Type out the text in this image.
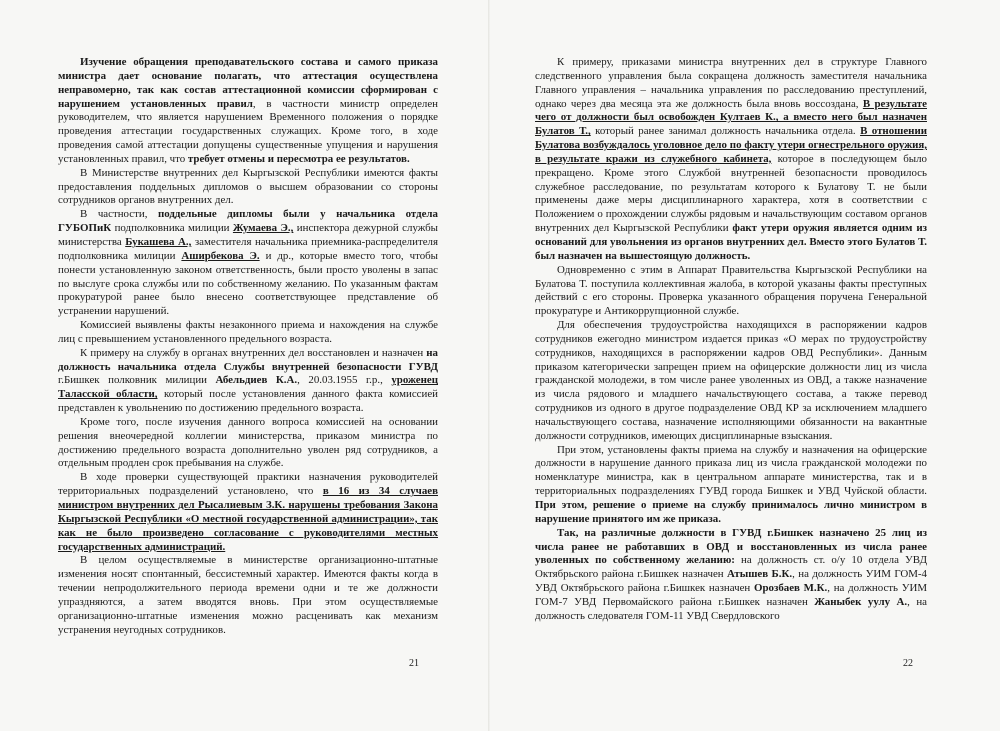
Изучение обращения преподавательского состава и самого приказа министра дает основание полагать, что аттестация осуществлена неправомерно, так как состав аттестационной комиссии сформирован с нарушением установленных правил, в частности министр определен руководителем, что является нарушением Временного положения о порядке проведения аттестации государственных служащих. Кроме того, в ходе проведения самой аттестации допущены существенные упущения и нарушения установленных правил, что требует отмены и пересмотра ее результатов.

В Министерстве внутренних дел Кыргызской Республики имеются факты предоставления поддельных дипломов о высшем образовании со стороны сотрудников органов внутренних дел.

В частности, поддельные дипломы были у начальника отдела ГУБОПиК подполковника милиции Жумаева Э., инспектора дежурной службы министерства Букашева А., заместителя начальника приемника-распределителя подполковника милиции Аширбекова Э. и др., которые вместо того, чтобы понести установленную законом ответственность, были просто уволены в запас по выслуге срока службы или по собственному желанию. По указанным фактам прокуратурой ранее было внесено соответствующее представление об устранении нарушений.

Комиссией выявлены факты незаконного приема и нахождения на службе лиц с превышением установленного предельного возраста.

К примеру на службу в органах внутренних дел восстановлен и назначен на должность начальника отдела Службы внутренней безопасности ГУВД г.Бишкек полковник милиции Абельдиев К.А., 20.03.1955 г.р., уроженец Таласской области, который после установления данного факта комиссией представлен к увольнению по достижению предельного возраста.

Кроме того, после изучения данного вопроса комиссией на основании решения внеочередной коллегии министерства, приказом министра по достижению предельного возраста дополнительно уволен ряд сотрудников, а отдельным продлен срок пребывания на службе.

В ходе проверки существующей практики назначения руководителей территориальных подразделений установлено, что в 16 из 34 случаев министром внутренних дел Рысалиевым З.К. нарушены требования Закона Кыргызской Республики «О местной государственной администрации», так как не было произведено согласование с руководителями местных государственных администраций.

В целом осуществляемые в министерстве организационно-штатные изменения носят спонтанный, бессистемный характер. Имеются факты когда в течении непродолжительного периода времени одни и те же должности упраздняются, а затем вводятся вновь. При этом осуществляемые организационно-штатные изменения можно расценивать как механизм устранения неугодных сотрудников.

21

К примеру, приказами министра внутренних дел в структуре Главного следственного управления была сокращена должность заместителя начальника Главного управления – начальника управления по расследованию преступлений, однако через два месяца эта же должность была вновь воссоздана, В результате чего от должности был освобожден Култаев К., а вместо него был назначен Булатов Т., который ранее занимал должность начальника отдела. В отношении Булатова возбуждалось уголовное дело по факту утери огнестрельного оружия, в результате кражи из служебного кабинета, которое в последующем было прекращено. Кроме этого Службой внутренней безопасности проводилось служебное расследование, по результатам которого к Булатову Т. не были применены даже меры дисциплинарного характера, хотя в соответствии с Положением о прохождении службы рядовым и начальствующим составом органов внутренних дел Кыргызской Республики факт утери оружия является одним из оснований для увольнения из органов внутренних дел. Вместо этого Булатов Т. был назначен на вышестоящую должность.

Одновременно с этим в Аппарат Правительства Кыргызской Республики на Булатова Т. поступила коллективная жалоба, в которой указаны факты преступных действий с его стороны. Проверка указанного обращения поручена Генеральной прокуратуре и Антикоррупционной службе.

Для обеспечения трудоустройства находящихся в распоряжении кадров сотрудников ежегодно министром издается приказ «О мерах по трудоустройству сотрудников, находящихся в распоряжении кадров ОВД Республики». Данным приказом категорически запрещен прием на офицерские должности лиц из числа гражданской молодежи, в том числе ранее уволенных из ОВД, а также назначение из числа рядового и младшего начальствующего состава, а также перевод сотрудников из одного в другое подразделение ОВД КР за исключением младшего начальствующего состава, назначение исполняющими обязанности на вакантные должности сотрудников, имеющих дисциплинарные взыскания.

При этом, установлены факты приема на службу и назначения на офицерские должности в нарушение данного приказа лиц из числа гражданской молодежи по номенклатуре министра, как в центральном аппарате министерства, так и в территориальных подразделениях ГУВД города Бишкек и УВД Чуйской области. При этом, решение о приеме на службу принималось лично министром в нарушение принятого им же приказа.

Так, на различные должности в ГУВД г.Бишкек назначено 25 лиц из числа ранее не работавших в ОВД и восстановленных из числа ранее уволенных по собственному желанию: на должность ст. о/у 10 отдела УВД Октябрьского района г.Бишкек назначен Атышев Б.К., на должность УИМ ГОМ-4 УВД Октябрьского района г.Бишкек назначен Орозбаев М.К., на должность УИМ ГОМ-7 УВД Первомайского района г.Бишкек назначен Жаныбек уулу А., на должность следователя ГОМ-11 УВД Свердловского

22
